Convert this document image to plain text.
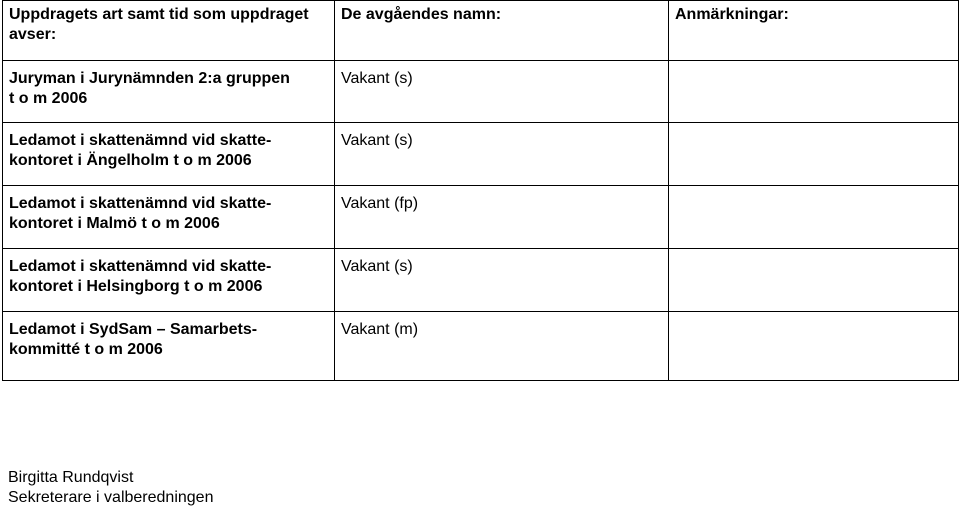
Uppdragets art samt tid som uppdraget avser:	De avgåendes namn:	Anmärkningar:

Juryman i Jurynämnden 2:a gruppen
t o m 2006	Vakant (s)	

Ledamot i skattenämnd vid skatte-
kontoret i Ängelholm t o m 2006	Vakant (s)	

Ledamot i skattenämnd vid skatte-
kontoret i Malmö t o m 2006	Vakant (fp)	

Ledamot i skattenämnd vid skatte-
kontoret i Helsingborg t o m 2006	Vakant (s)	

Ledamot i SydSam – Samarbets-
kommitté t o m 2006	Vakant (m)	
Birgitta Rundqvist
Sekreterare i valberedningen
